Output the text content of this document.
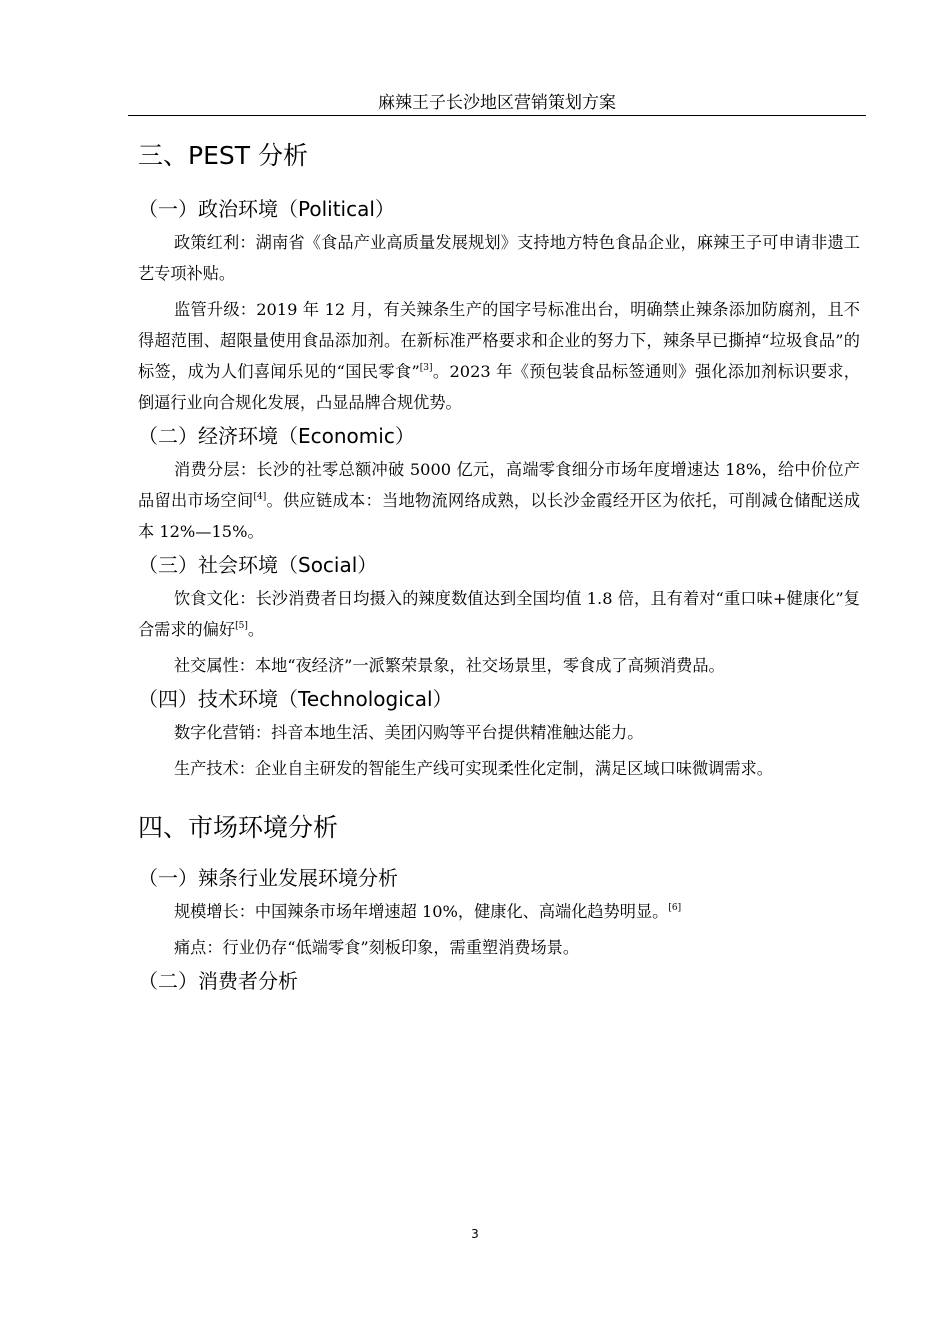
麻辣王子长沙地区营销策划方案
三、PEST 分析
（一）政治环境（Political）

政策红利：湖南省《食品产业高质量发展规划》支持地方特色食品企业，麻辣王子可申请非遗工艺专项补贴。

监管升级：2019 年 12 月，有关辣条生产的国字号标准出台，明确禁止辣条添加防腐剂，且不得超范围、超限量使用食品添加剂。在新标准严格要求和企业的努力下，辣条早已撕掉“垃圾食品”的标签，成为人们喜闻乐见的“国民零食”[3]。2023 年《预包装食品标签通则》强化添加剂标识要求，倒逼行业向合规化发展，凸显品牌合规优势。

（二）经济环境（Economic）

消费分层：长沙的社零总额冲破 5000 亿元，高端零食细分市场年度增速达 18%，给中价位产品留出市场空间[4]。供应链成本：当地物流网络成熟，以长沙金霞经开区为依托，可削减仓储配送成本 12%—15%。

（三）社会环境（Social）

饮食文化：长沙消费者日均摄入的辣度数值达到全国均值 1.8 倍，且有着对“重口味+健康化”复合需求的偏好[5]。

社交属性：本地“夜经济”一派繁荣景象，社交场景里，零食成了高频消费品。

（四）技术环境（Technological）

数字化营销：抖音本地生活、美团闪购等平台提供精准触达能力。

生产技术：企业自主研发的智能生产线可实现柔性化定制，满足区域口味微调需求。

四、市场环境分析
（一）辣条行业发展环境分析

规模增长：中国辣条市场年增速超 10%，健康化、高端化趋势明显。[6]

痛点：行业仍存“低端零食”刻板印象，需重塑消费场景。

（二）消费者分析
3
